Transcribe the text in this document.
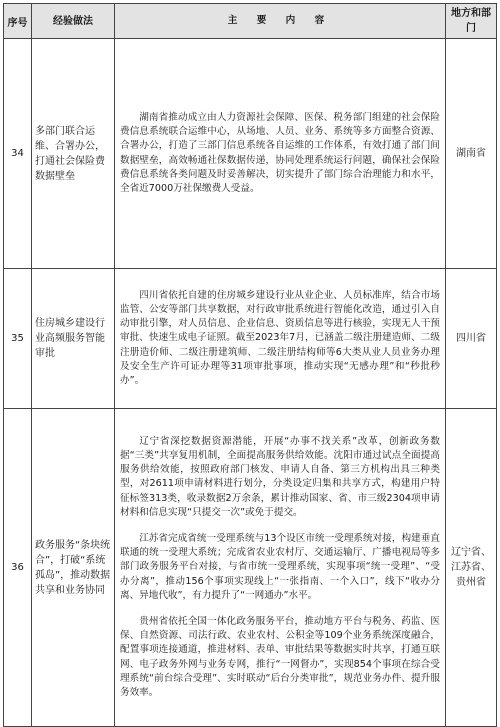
序号	经验做法	主 要 内 容	地方和部门
34	多部门联合运维、合署办公，打通社会保险费数据壁垒	湖南省推动成立由人力资源社会保障、医保、税务部门组建的社会保险费信息系统联合运维中心，从场地、人员、业务、系统等多方面整合资源、合署办公，打造了三部门信息系统各自运维的工作体系，有效打通了部门间数据壁垒，高效畅通社保数据传递，协同处理系统运行问题，确保社会保险费信息系统各类问题及时妥善解决，切实提升了部门综合治理能力和水平，全省近7000万社保缴费人受益。	湖南省
35	住房城乡建设行业高频服务智能审批	四川省依托自建的住房城乡建设行业从业企业、人员标准库，结合市场监管、公安等部门共享数据，对行政审批系统进行智能化改造，通过引入自动审批引擎，对人员信息、企业信息、资质信息等进行核验，实现无人干预审批、快速生成电子证照。截至2023年7月，已涵盖二级注册建造师、二级注册造价师、二级注册建筑师、二级注册结构师等6大类从业人员业务办理及安全生产许可证办理等31项审批事项，推动实现“无感办理”和“秒批秒办”。	四川省
36	政务服务“条块统合”，打破“系统孤岛”，推动数据共享和业务协同	辽宁省深挖数据资源潜能，开展“办事不找关系”改革，创新政务数据“三类”共享复用机制，全面提高服务供给效能。沈阳市通过试点全面提高服务供给效能，按照政府部门核发、申请人自备、第三方机构出具三种类型，对2611项申请材料进行划分，分类设定归集和共享方式，构建用户特征标签313类，收录数据2万余条，累计推动国家、省、市三级2304项申请材料和信息实现“只提交一次”或免于提交。

江苏省完成省统一受理系统与13个设区市统一受理系统对接，构建垂直联通的统一受理大系统；完成省农业农村厅、交通运输厅、广播电视局等多部门政务服务平台对接，与省市统一受理系统，实现事项“统一受理”、“受办分离”，推动156个事项实现线上“一张指南、一个入口”，线下“收办分离、异地代收”，有力提升了“一网通办”水平。

贵州省依托全国一体化政务服务平台，推动地方平台与税务、药监、医保、自然资源、司法行政、农业农村、公积金等109个业务系统深度融合，配置事项连接通道，推进材料、表单、审批结果等数据实时共享，打通互联网、电子政务外网与业务专网，推行“一网督办”，实现854个事项在综合受理系统“前台综合受理”、实时联动“后台分类审批”，规范业务办件、提升服务效率。	辽宁省、江苏省、贵州省
